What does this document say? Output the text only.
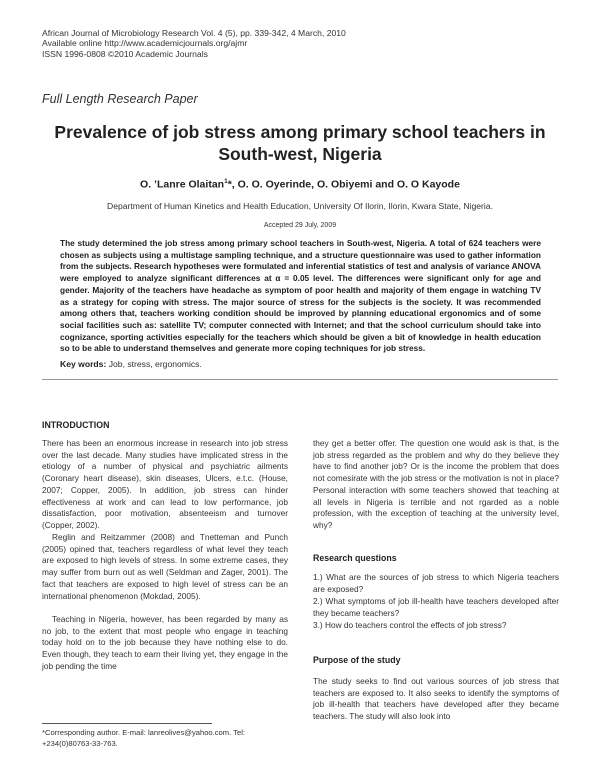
African Journal of Microbiology Research Vol. 4 (5), pp. 339-342, 4 March, 2010
Available online http://www.academicjournals.org/ajmr
ISSN 1996-0808 ©2010 Academic Journals
Full Length Research Paper
Prevalence of job stress among primary school teachers in South-west, Nigeria
O. ’Lanre Olaitan$^1$*, O. O. Oyerinde, O. Obiyemi and O. O Kayode
Department of Human Kinetics and Health Education, University Of Ilorin, Ilorin, Kwara State, Nigeria.
Accepted 29 July, 2009

The study determined the job stress among primary school teachers in South-west, Nigeria. A total of 624 teachers were chosen as subjects using a multistage sampling technique, and a structure questionnaire was used to gather information from the subjects. Research hypotheses were formulated and inferential statistics of test and analysis of variance ANOVA were employed to analyze significant differences at α = 0.05 level. The differences were significant only for age and gender. Majority of the teachers have headache as symptom of poor health and majority of them engage in watching TV as a strategy for coping with stress. The major source of stress for the subjects is the society. It was recommended among others that, teachers working condition should be improved by planning educational ergonomics and of some social facilities such as: satellite TV; computer connected with Internet; and that the school curriculum should take into cognizance, sporting activities especially for the teachers which should be given a bit of knowledge in health education so to be able to understand themselves and generate more coping techniques for job stress.

Key words: Job, stress, ergonomics.
INTRODUCTION

There has been an enormous increase in research into job stress over the last decade. Many studies have implicated stress in the etiology of a number of physical and psychiatric ailments (Coronary heart disease), skin diseases, Ulcers, e.t.c. (House, 2007; Copper, 2005). In addition, job stress can hinder effectiveness at work and can lead to low performance, job dissatisfaction, poor motivation, absenteeism and turnover (Copper, 2002).

Reglin and Reitzammer (2008) and Tnetteman and Punch (2005) opined that, teachers regardless of what level they teach are exposed to high levels of stress. In some extreme cases, they may suffer from burn out as well (Seldman and Zager, 2001). The fact that teachers are exposed to high level of stress can be an international phenomenon (Mokdad, 2005).

Teaching in Nigeria, however, has been regarded by many as no job, to the extent that most people who engage in teaching today hold on to the job because they have nothing else to do. Even though, they teach to earn their living yet, they engage in the job pending the time

*Corresponding author. E-mail: lanreolives@yahoo.com. Tel: +234(0)80763-33-763.

they get a better offer. The question one would ask is that, is the job stress regarded as the problem and why do they believe they have to find another job? Or is the income the problem that does not comesirate with the job stress or the motivation is not in place? Personal interaction with some teachers showed that teaching at all levels in Nigeria is terrible and not rgarded as a noble profession, with the exception of teaching at the university level, why?

Research questions

1.) What are the sources of job stress to which Nigeria teachers are exposed?

2.) What symptoms of job ill-health have teachers developed after they became teachers?

3.) How do teachers control the effects of job stress?

Purpose of the study

The study seeks to find out various sources of job stress that teachers are exposed to. It also seeks to identify the symptoms of job ill-health that teachers have developed after they became teachers. The study will also look into
